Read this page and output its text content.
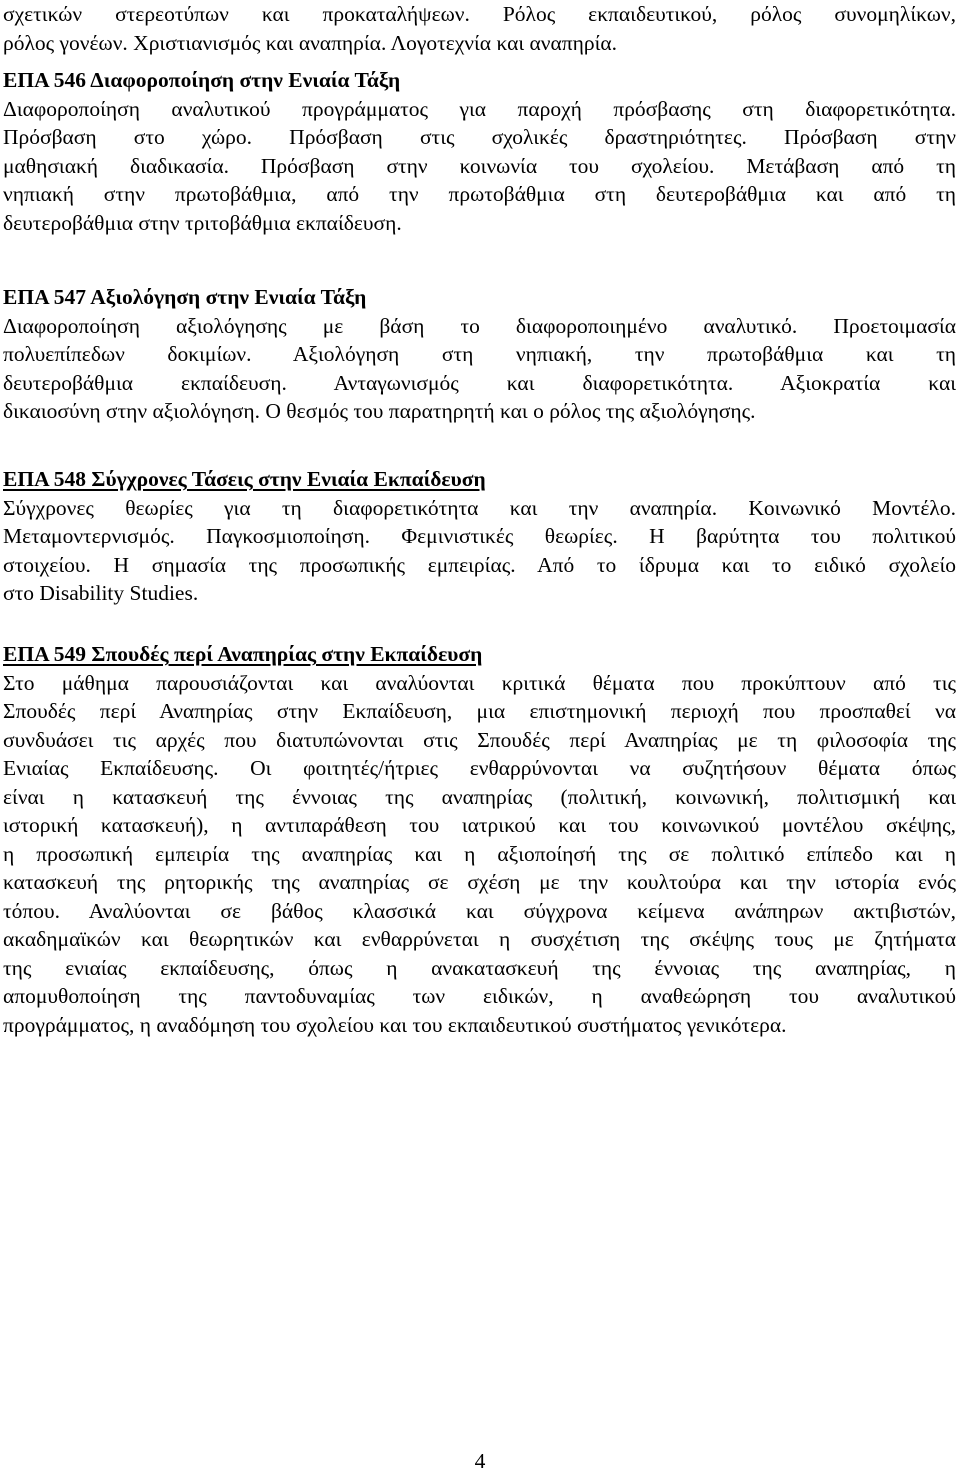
σχετικών στερεοτύπων και προκαταλήψεων. Ρόλος εκπαιδευτικού, ρόλος συνομηλίκων,
ρόλος γονέων. Χριστιανισμός και αναπηρία. Λογοτεχνία και αναπηρία.
ΕΠΑ 546 Διαφοροποίηση στην Ενιαία Τάξη
Διαφοροποίηση αναλυτικού προγράμματος για παροχή πρόσβασης στη διαφορετικότητα.
Πρόσβαση στο χώρο. Πρόσβαση στις σχολικές δραστηριότητες. Πρόσβαση στην
μαθησιακή διαδικασία. Πρόσβαση στην κοινωνία του σχολείου. Μετάβαση από τη
νηπιακή στην πρωτοβάθμια, από την πρωτοβάθμια στη δευτεροβάθμια και από τη
δευτεροβάθμια στην τριτοβάθμια εκπαίδευση.
ΕΠΑ 547 Αξιολόγηση στην Ενιαία Τάξη
Διαφοροποίηση αξιολόγησης με βάση το διαφοροποιημένο αναλυτικό. Προετοιμασία
πολυεπίπεδων δοκιμίων. Αξιολόγηση στη νηπιακή, την πρωτοβάθμια και τη
δευτεροβάθμια εκπαίδευση. Ανταγωνισμός και διαφορετικότητα. Αξιοκρατία και
δικαιοσύνη στην αξιολόγηση. Ο θεσμός του παρατηρητή και ο ρόλος της αξιολόγησης.
ΕΠΑ 548 Σύγχρονες Τάσεις στην Ενιαία Εκπαίδευση
Σύγχρονες θεωρίες για τη διαφορετικότητα και την αναπηρία. Κοινωνικό Μοντέλο.
Μεταμοντερνισμός. Παγκοσμιοποίηση. Φεμινιστικές θεωρίες. Η βαρύτητα του πολιτικού
στοιχείου. Η σημασία της προσωπικής εμπειρίας. Από το ίδρυμα και το ειδικό σχολείο
στο Disability Studies.
ΕΠΑ 549 Σπουδές περί Αναπηρίας στην Εκπαίδευση
Στο μάθημα παρουσιάζονται και αναλύονται κριτικά θέματα που προκύπτουν από τις
Σπουδές περί Αναπηρίας στην Εκπαίδευση, μια επιστημονική περιοχή που προσπαθεί να
συνδυάσει τις αρχές που διατυπώνονται στις Σπουδές περί Αναπηρίας με τη φιλοσοφία της
Ενιαίας Εκπαίδευσης. Οι φοιτητές/ήτριες ενθαρρύνονται να συζητήσουν θέματα όπως
είναι η κατασκευή της έννοιας της αναπηρίας (πολιτική, κοινωνική, πολιτισμική και
ιστορική κατασκευή), η αντιπαράθεση του ιατρικού και του κοινωνικού μοντέλου σκέψης,
η προσωπική εμπειρία της αναπηρίας και η αξιοποίησή της σε πολιτικό επίπεδο και η
κατασκευή της ρητορικής της αναπηρίας σε σχέση με την κουλτούρα και την ιστορία ενός
τόπου. Αναλύονται σε βάθος κλασσικά και σύγχρονα κείμενα ανάπηρων ακτιβιστών,
ακαδημαϊκών και θεωρητικών και ενθαρρύνεται η συσχέτιση της σκέψης τους με ζητήματα
της ενιαίας εκπαίδευσης, όπως η ανακατασκευή της έννοιας της αναπηρίας, η
απομυθοποίηση της παντοδυναμίας των ειδικών, η αναθεώρηση του αναλυτικού
προγράμματος, η αναδόμηση του σχολείου και του εκπαιδευτικού συστήματος γενικότερα.
4
